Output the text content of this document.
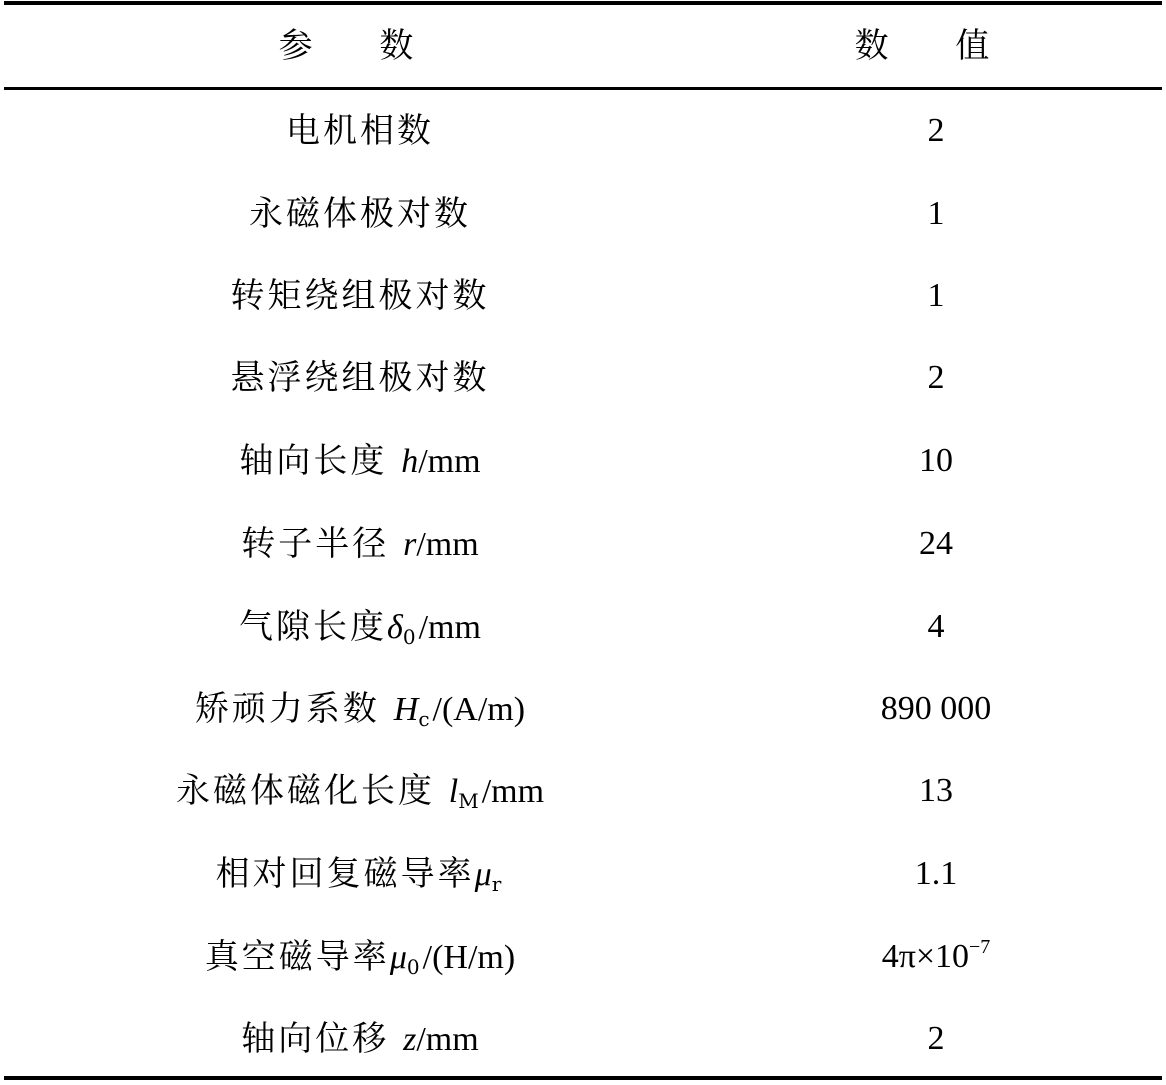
参 数	数 值
电机相数	2
永磁体极对数	1
转矩绕组极对数	1
悬浮绕组极对数	2
轴向长度 h/mm	10
转子半径 r/mm	24
气隙长度$\delta_0/mm$	4
矫顽力系数 $H_c/(A/m)$	890 000
永磁体磁化长度 $l_M/mm$	13
相对回复磁导率$\mu_r$	1.1
真空磁导率$\mu_0/(H/m)$	$4\pi\times 10^{-7}$
轴向位移 z/mm	2
